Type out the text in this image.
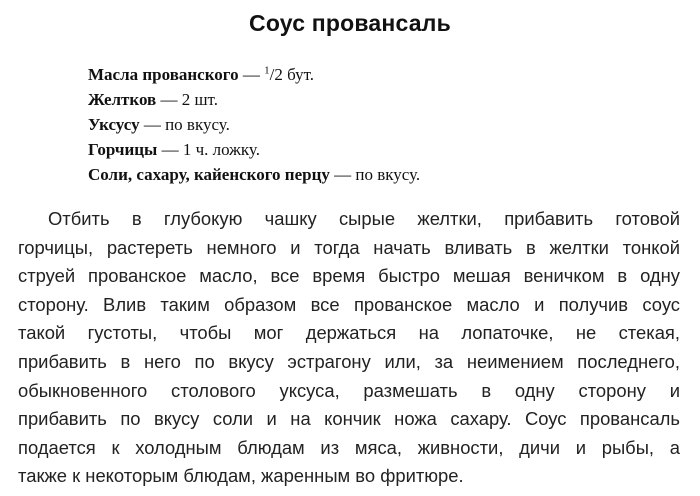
Соус провансаль
Масла прованского — $^1$/2 бут.
Желтков — 2 шт.
Уксусу — по вкусу.
Горчицы — 1 ч. ложку.
Соли, сахару, кайенского перцу — по вкусу.
Отбить в глубокую чашку сырые желтки, прибавить готовой
горчицы, растереть немного и тогда начать вливать в желтки тонкой
струей прованское масло, все время быстро мешая веничком в одну
сторону. Влив таким образом все прованское масло и получив соус
такой густоты, чтобы мог держаться на лопаточке, не стекая,
прибавить в него по вкусу эстрагону или, за неимением последнего,
обыкновенного столового уксуса, размешать в одну сторону и
прибавить по вкусу соли и на кончик ножа сахару. Соус провансаль
подается к холодным блюдам из мяса, живности, дичи и рыбы, а
также к некоторым блюдам, жаренным во фритюре.
